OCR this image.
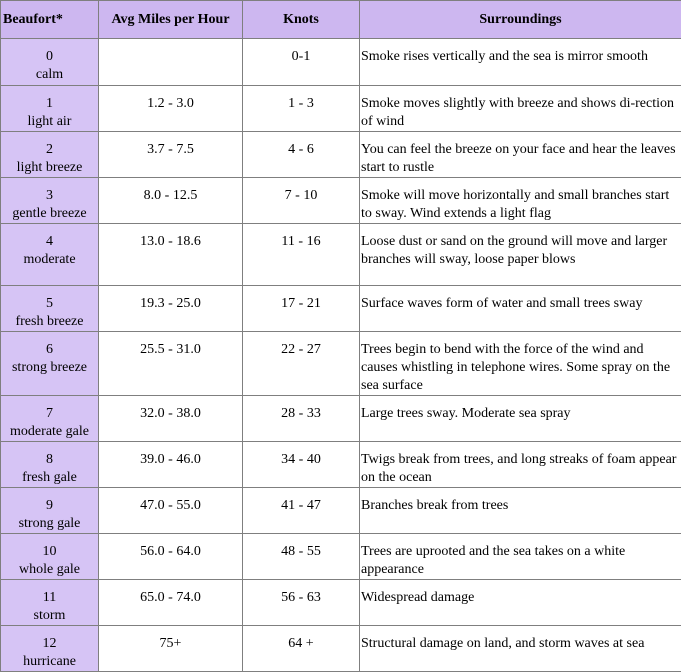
Beaufort*	Avg Miles per Hour	Knots	Surroundings

0
calm		0-1	Smoke rises vertically and the sea is mirror smooth

1
light air	1.2 - 3.0	1 - 3	Smoke moves slightly with breeze and shows di-rection of wind

2
light breeze	3.7 - 7.5	4 - 6	You can feel the breeze on your face and hear the leaves start to rustle

3
gentle breeze	8.0 - 12.5	7 - 10	Smoke will move horizontally and small branches start to sway. Wind extends a light flag

4
moderate	13.0 - 18.6	11 - 16	Loose dust or sand on the ground will move and larger branches will sway, loose paper blows

5
fresh breeze	19.3 - 25.0	17 - 21	Surface waves form of water and small trees sway

6
strong breeze	25.5 - 31.0	22 - 27	Trees begin to bend with the force of the wind and causes whistling in telephone wires. Some spray on the sea surface

7
moderate gale	32.0 - 38.0	28 - 33	Large trees sway. Moderate sea spray

8
fresh gale	39.0 - 46.0	34 - 40	Twigs break from trees, and long streaks of foam appear on the ocean

9
strong gale	47.0 - 55.0	41 - 47	Branches break from trees

10
whole gale	56.0 - 64.0	48 - 55	Trees are uprooted and the sea takes on a white appearance

11
storm	65.0 - 74.0	56 - 63	Widespread damage

12
hurricane	75+	64 +	Structural damage on land, and storm waves at sea
